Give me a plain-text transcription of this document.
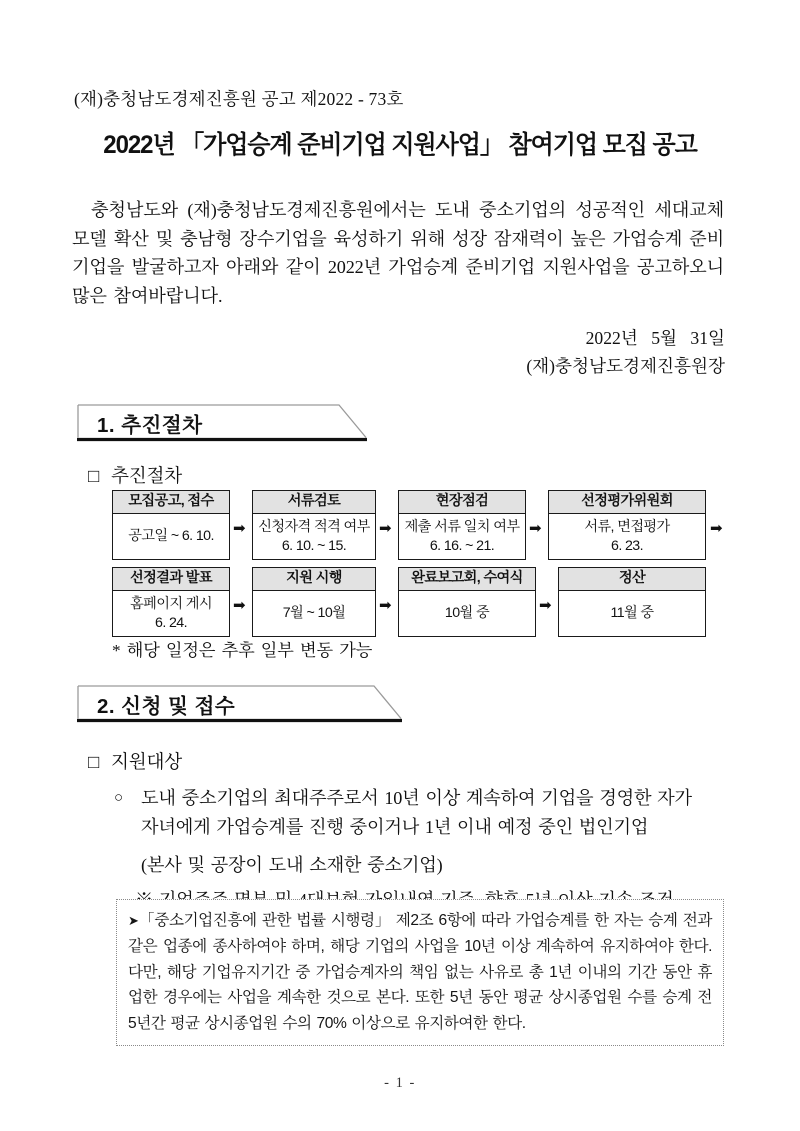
(재)충청남도경제진흥원 공고 제2022 - 73호
2022년 「가업승계 준비기업 지원사업」 참여기업 모집 공고
충청남도와 (재)충청남도경제진흥원에서는 도내 중소기업의 성공적인 세대교체 모델 확산 및 충남형 장수기업을 육성하기 위해 성장 잠재력이 높은 가업승계 준비기업을 발굴하고자 아래와 같이 2022년 가업승계 준비기업 지원사업을 공고하오니 많은 참여바랍니다.
2022년 5월 31일
(재)충청남도경제진흥원장
1. 추진절차
□ 추진절차
모집공고, 접수
공고일 ~ 6. 10. ➡
서류검토
신청자격 적격 여부
6. 10. ~ 15.
➡
현장점검
제출 서류 일치 여부
6. 16. ~ 21.
➡
선정평가위원회
서류, 면접평가
6. 23.
➡
선정결과 발표
홈페이지 게시
6. 24.
➡
지원 시행
7월 ~ 10월 ➡
완료보고회, 수여식
10월 중	➡
정산
11월 중
* 해당 일정은 추후 일부 변동 가능
2. 신청 및 접수
□ 지원대상
○ 도내 중소기업의 최대주주로서 10년 이상 계속하여 기업을 경영한 자가
자녀에게 가업승계를 진행 중이거나 1년 이내 예정 중인 법인기업
(본사 및 공장이 도내 소재한 중소기업)

➤「중소기업진흥에 관한 법률 시행령」 제2조 6항에 따라 가업승계를 한 자는 승계 전과 같은 업종에 종사하여야 하며, 해당 기업의 사업을 10년 이상 계속하여 유지하여야 한다. 다만, 해당 기업유지기간 중 가업승계자의 책임 없는 사유로 총 1년 이내의 기간 동안 휴업한 경우에는 사업을 계속한 것으로 본다. 또한 5년 동안 평균 상시종업원 수를 승계 전 5년간 평균 상시종업원 수의 70% 이상으로 유지하여한 한다.

- 1 -
